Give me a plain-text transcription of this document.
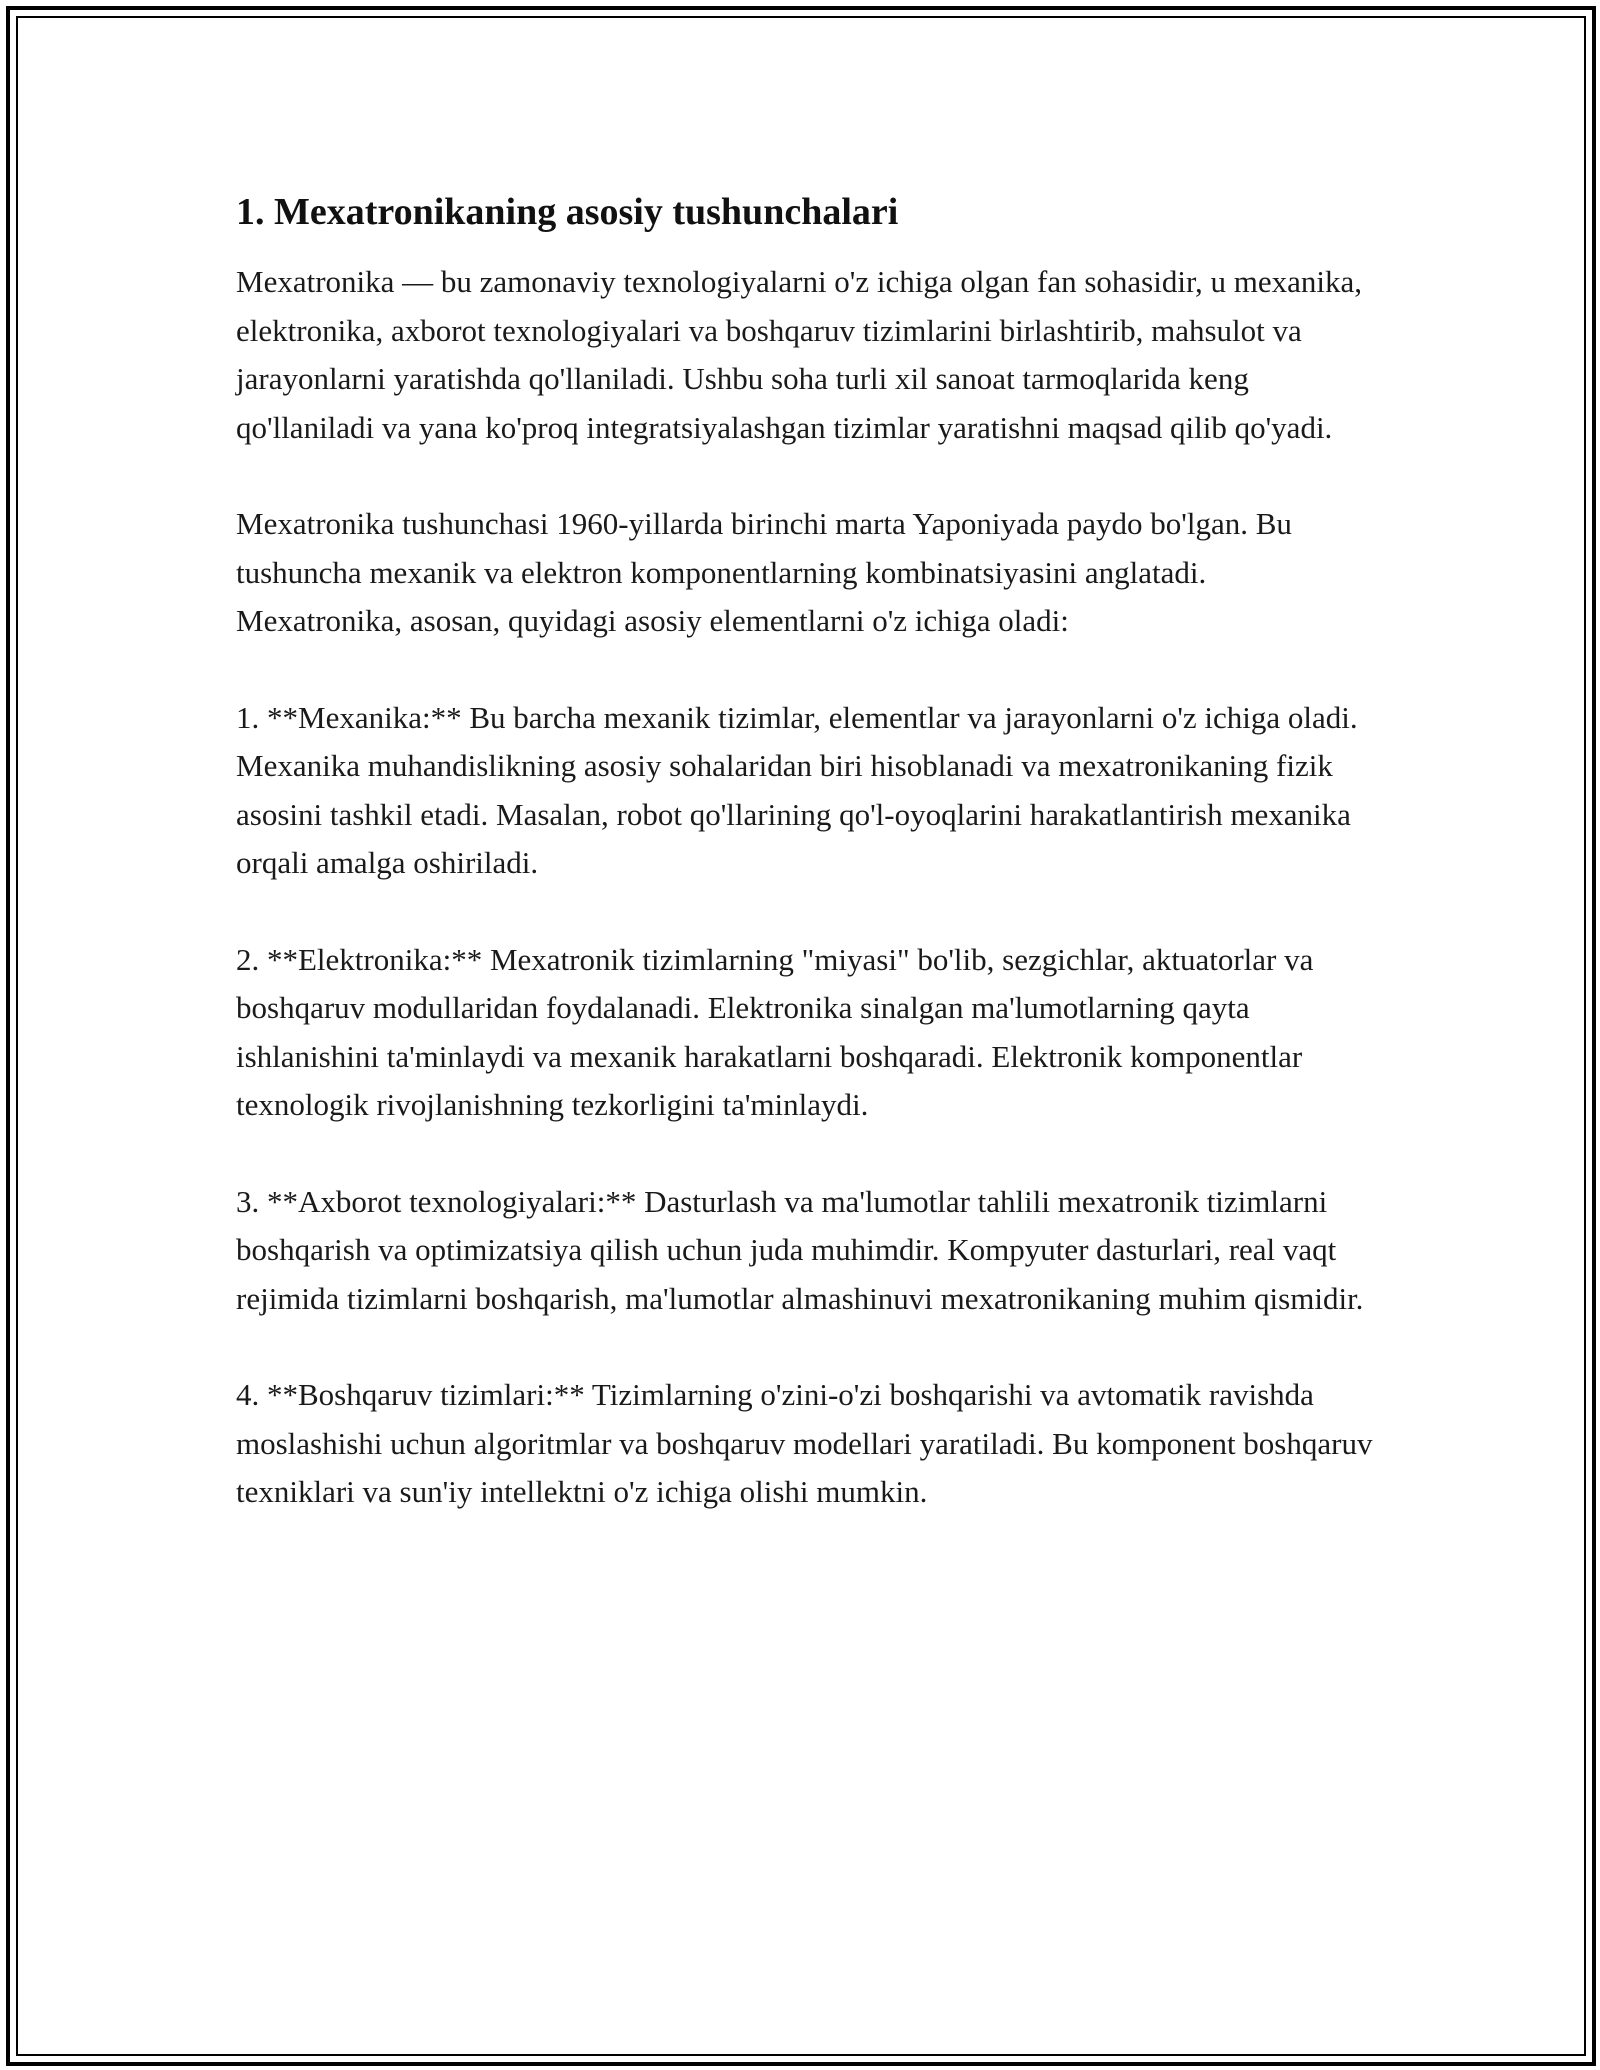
1. Mexatronikaning asosiy tushunchalari

Mexatronika — bu zamonaviy texnologiyalarni o'z ichiga olgan fan sohasidir, u mexanika, elektronika, axborot texnologiyalari va boshqaruv tizimlarini birlashtirib, mahsulot va jarayonlarni yaratishda qo'llaniladi. Ushbu soha turli xil sanoat tarmoqlarida keng qo'llaniladi va yana ko'proq integratsiyalashgan tizimlar yaratishni maqsad qilib qo'yadi.

Mexatronika tushunchasi 1960-yillarda birinchi marta Yaponiyada paydo bo'lgan. Bu tushuncha mexanik va elektron komponentlarning kombinatsiyasini anglatadi. Mexatronika, asosan, quyidagi asosiy elementlarni o'z ichiga oladi:

1. **Mexanika:** Bu barcha mexanik tizimlar, elementlar va jarayonlarni o'z ichiga oladi. Mexanika muhandislikning asosiy sohalaridan biri hisoblanadi va mexatronikaning fizik asosini tashkil etadi. Masalan, robot qo'llarining qo'l-oyoqlarini harakatlantirish mexanika orqali amalga oshiriladi.

2. **Elektronika:** Mexatronik tizimlarning "miyasi" bo'lib, sezgichlar, aktuatorlar va boshqaruv modullaridan foydalanadi. Elektronika sinalgan ma'lumotlarning qayta ishlanishini ta'minlaydi va mexanik harakatlarni boshqaradi. Elektronik komponentlar texnologik rivojlanishning tezkorligini ta'minlaydi.

3. **Axborot texnologiyalari:** Dasturlash va ma'lumotlar tahlili mexatronik tizimlarni boshqarish va optimizatsiya qilish uchun juda muhimdir. Kompyuter dasturlari, real vaqt rejimida tizimlarni boshqarish, ma'lumotlar almashinuvi mexatronikaning muhim qismidir.

4. **Boshqaruv tizimlari:** Tizimlarning o'zini-o'zi boshqarishi va avtomatik ravishda moslashishi uchun algoritmlar va boshqaruv modellari yaratiladi. Bu komponent boshqaruv texniklari va sun'iy intellektni o'z ichiga olishi mumkin.
